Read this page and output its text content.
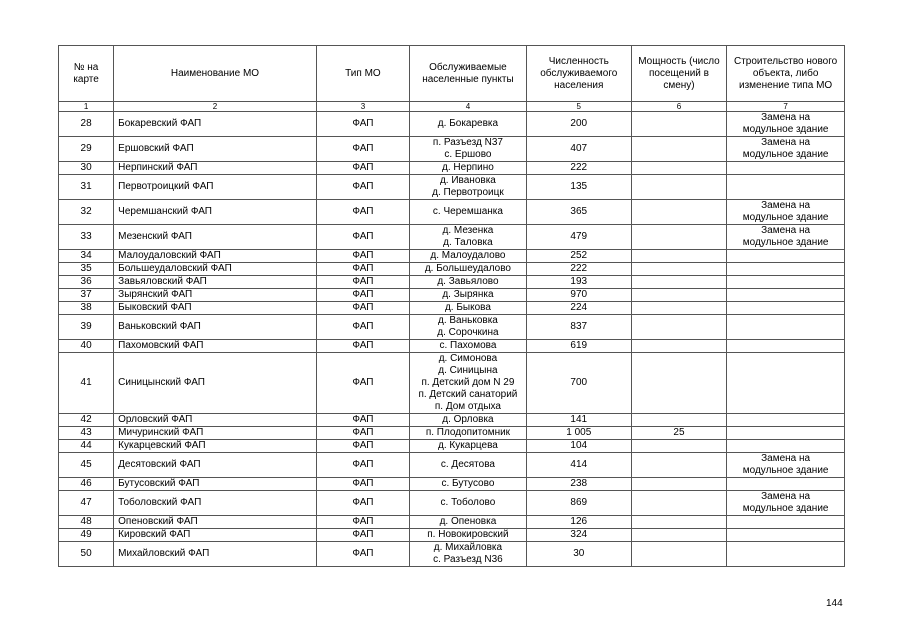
№ на карте	Наименование МО	Тип МО	Обслуживаемые населенные пункты	Численность обслуживаемого населения	Мощность (число посещений в смену)	Строительство нового объекта, либо изменение типа МО
1	2	3	4	5	6	7
28	Бокаревский ФАП	ФАП	д. Бокаревка	200		Замена на
модульное здание
29	Ершовский ФАП	ФАП	п. Разъезд N37
с. Ершово	407		Замена на
модульное здание
30	Нерпинский ФАП	ФАП	д. Нерпино	222		
31	Первотроицкий ФАП	ФАП	д. Ивановка
д. Первотроицк	135		
32	Черемшанский ФАП	ФАП	с. Черемшанка	365		Замена на
модульное здание
33	Мезенский ФАП	ФАП	д. Мезенка
д. Таловка	479		Замена на
модульное здание
34	Малоудаловский ФАП	ФАП	д. Малоудалово	252		
35	Большеудаловский ФАП	ФАП	д. Большеудалово	222		
36	Завьяловский ФАП	ФАП	д. Завьялово	193		
37	Зырянский ФАП	ФАП	д. Зырянка	970		
38	Быковский ФАП	ФАП	д. Быкова	224		
39	Ваньковский ФАП	ФАП	д. Ваньковка
д. Сорочкина	837		
40	Пахомовский ФАП	ФАП	с. Пахомова	619		
41	Синицынский ФАП	ФАП	д. Симонова
д. Синицына
п. Детский дом N 29
п. Детский санаторий
п. Дом отдыха	700		
42	Орловский ФАП	ФАП	д. Орловка	141		
43	Мичуринский ФАП	ФАП	п. Плодопитомник	1 005	25	
44	Кукарцевский ФАП	ФАП	д. Кукарцева	104		
45	Десятовский ФАП	ФАП	с. Десятова	414		Замена на
модульное здание
46	Бутусовский ФАП	ФАП	с. Бутусово	238		
47	Тоболовский ФАП	ФАП	с. Тоболово	869		Замена на
модульное здание
48	Опеновский ФАП	ФАП	д. Опеновка	126		
49	Кировский ФАП	ФАП	п. Новокировский	324		
50	Михайловский ФАП	ФАП	д. Михайловка
с. Разъезд N36	30		
144
